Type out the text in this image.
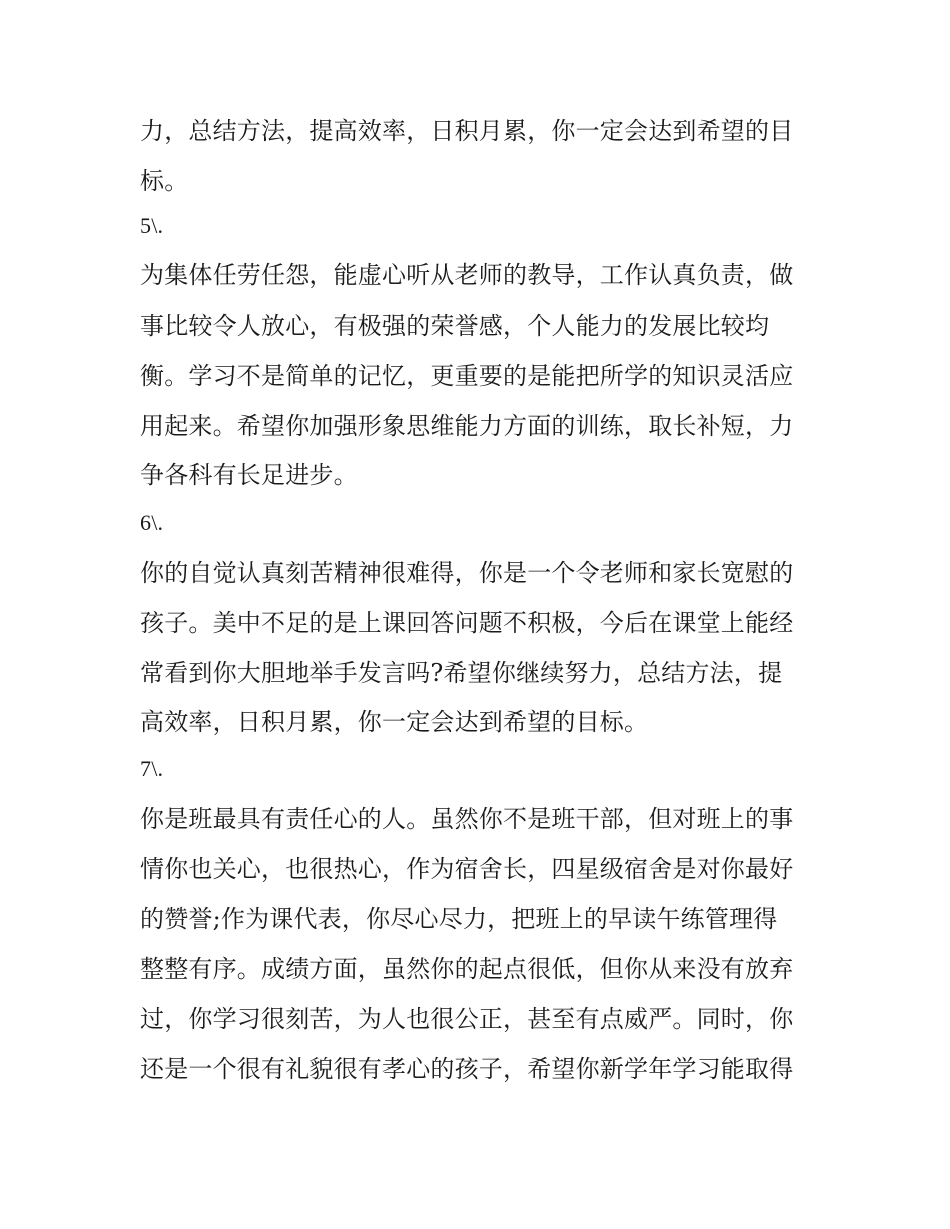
力，总结方法，提高效率，日积月累，你一定会达到希望的目
标。
5\.
为集体任劳任怨，能虚心听从老师的教导，工作认真负责，做
事比较令人放心，有极强的荣誉感，个人能力的发展比较均
衡。学习不是简单的记忆，更重要的是能把所学的知识灵活应
用起来。希望你加强形象思维能力方面的训练，取长补短，力
争各科有长足进步。
6\.
你的自觉认真刻苦精神很难得，你是一个令老师和家长宽慰的
孩子。美中不足的是上课回答问题不积极，今后在课堂上能经
常看到你大胆地举手发言吗?希望你继续努力，总结方法，提
高效率，日积月累，你一定会达到希望的目标。
7\.
你是班最具有责任心的人。虽然你不是班干部，但对班上的事
情你也关心，也很热心，作为宿舍长，四星级宿舍是对你最好
的赞誉;作为课代表，你尽心尽力，把班上的早读午练管理得
整整有序。成绩方面，虽然你的起点很低，但你从来没有放弃
过，你学习很刻苦，为人也很公正，甚至有点威严。同时，你
还是一个很有礼貌很有孝心的孩子，希望你新学年学习能取得
